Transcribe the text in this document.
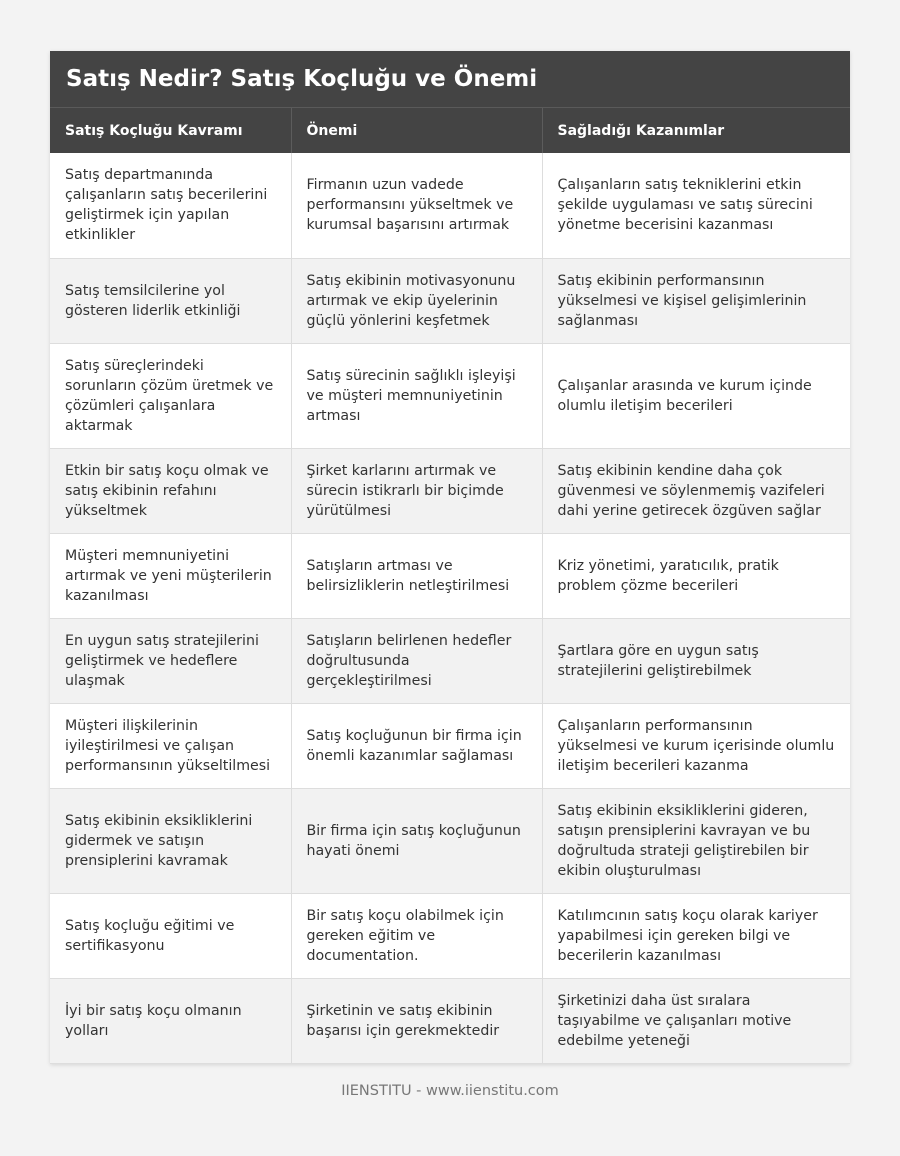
Satış Nedir? Satış Koçluğu ve Önemi
Satış Koçluğu Kavramı	Önemi	Sağladığı Kazanımlar
Satış departmanında çalışanların satış becerilerini geliştirmek için yapılan etkinlikler	Firmanın uzun vadede performansını yükseltmek ve kurumsal başarısını artırmak	Çalışanların satış tekniklerini etkin şekilde uygulaması ve satış sürecini yönetme becerisini kazanması
Satış temsilcilerine yol gösteren liderlik etkinliği	Satış ekibinin motivasyonunu artırmak ve ekip üyelerinin güçlü yönlerini keşfetmek	Satış ekibinin performansının yükselmesi ve kişisel gelişimlerinin sağlanması
Satış süreçlerindeki sorunların çözüm üretmek ve çözümleri çalışanlara aktarmak	Satış sürecinin sağlıklı işleyişi ve müşteri memnuniyetinin artması	Çalışanlar arasında ve kurum içinde olumlu iletişim becerileri
Etkin bir satış koçu olmak ve satış ekibinin refahını yükseltmek	Şirket karlarını artırmak ve sürecin istikrarlı bir biçimde yürütülmesi	Satış ekibinin kendine daha çok güvenmesi ve söylenmemiş vazifeleri dahi yerine getirecek özgüven sağlar
Müşteri memnuniyetini artırmak ve yeni müşterilerin kazanılması	Satışların artması ve belirsizliklerin netleştirilmesi	Kriz yönetimi, yaratıcılık, pratik problem çözme becerileri
En uygun satış stratejilerini geliştirmek ve hedeflere ulaşmak	Satışların belirlenen hedefler doğrultusunda gerçekleştirilmesi	Şartlara göre en uygun satış stratejilerini geliştirebilmek
Müşteri ilişkilerinin iyileştirilmesi ve çalışan performansının yükseltilmesi	Satış koçluğunun bir firma için önemli kazanımlar sağlaması	Çalışanların performansının yükselmesi ve kurum içerisinde olumlu iletişim becerileri kazanma
Satış ekibinin eksikliklerini gidermek ve satışın prensiplerini kavramak	Bir firma için satış koçluğunun hayati önemi	Satış ekibinin eksikliklerini gideren, satışın prensiplerini kavrayan ve bu doğrultuda strateji geliştirebilen bir ekibin oluşturulması
Satış koçluğu eğitimi ve sertifikasyonu	Bir satış koçu olabilmek için gereken eğitim ve documentation.	Katılımcının satış koçu olarak kariyer yapabilmesi için gereken bilgi ve becerilerin kazanılması
İyi bir satış koçu olmanın yolları	Şirketinin ve satış ekibinin başarısı için gerekmektedir	Şirketinizi daha üst sıralara taşıyabilme ve çalışanları motive edebilme yeteneği
IIENSTITU - www.iienstitu.com
